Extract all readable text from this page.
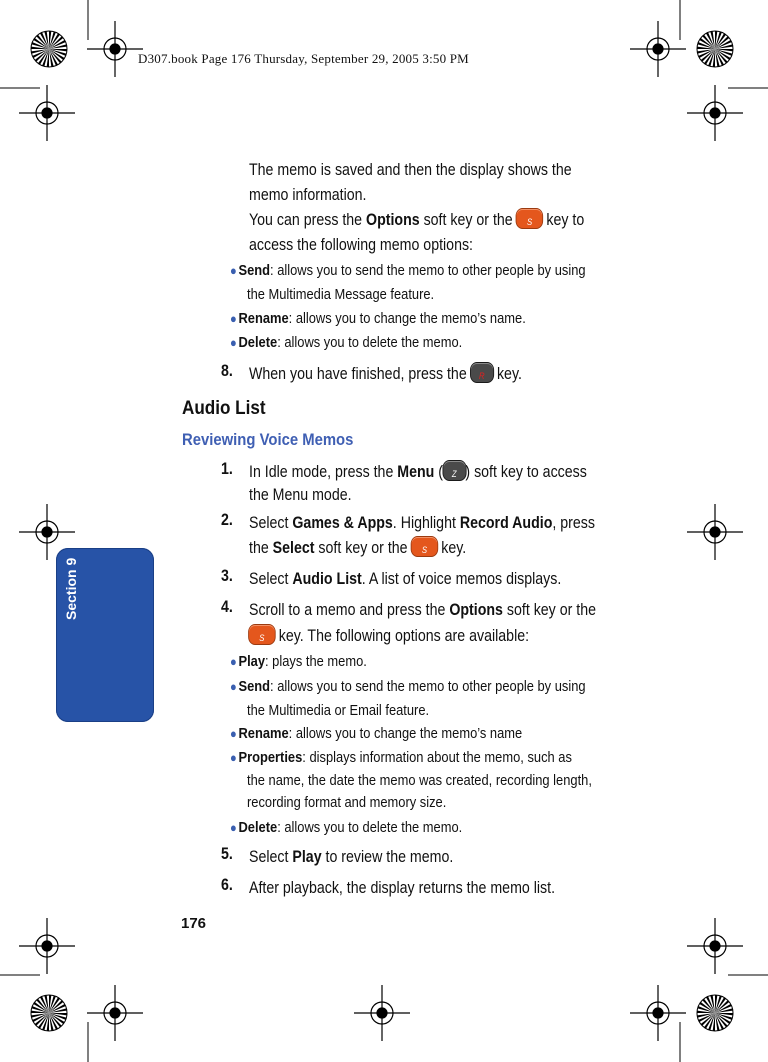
D307.book Page 176 Thursday, September 29, 2005 3:50 PM
Section 9
The memo is saved and then the display shows the
memo information.
You can press the Options soft key or the	S key to
access the following memo options:
● Send: allows you to send the memo to other people by using
the Multimedia Message feature.
● Rename: allows you to change the memo’s name.
● Delete: allows you to delete the memo.
8. When you have finished, press the R key.
Audio List
Reviewing Voice Memos
1. In Idle mode, press the Menu ( Z ) soft key to access
the Menu mode.
2. Select Games & Apps. Highlight Record Audio, press
the Select soft key or the	S key.
3. Select Audio List. A list of voice memos displays.
4. Scroll to a memo and press the Options soft key or the
S key. The following options are available:
● Play: plays the memo.
● Send: allows you to send the memo to other people by using
the Multimedia or Email feature.
● Rename: allows you to change the memo’s name
● Properties: displays information about the memo, such as
the name, the date the memo was created, recording length,
recording format and memory size.
● Delete: allows you to delete the memo.
5. Select Play to review the memo.
6. After playback, the display returns the memo list.
176
